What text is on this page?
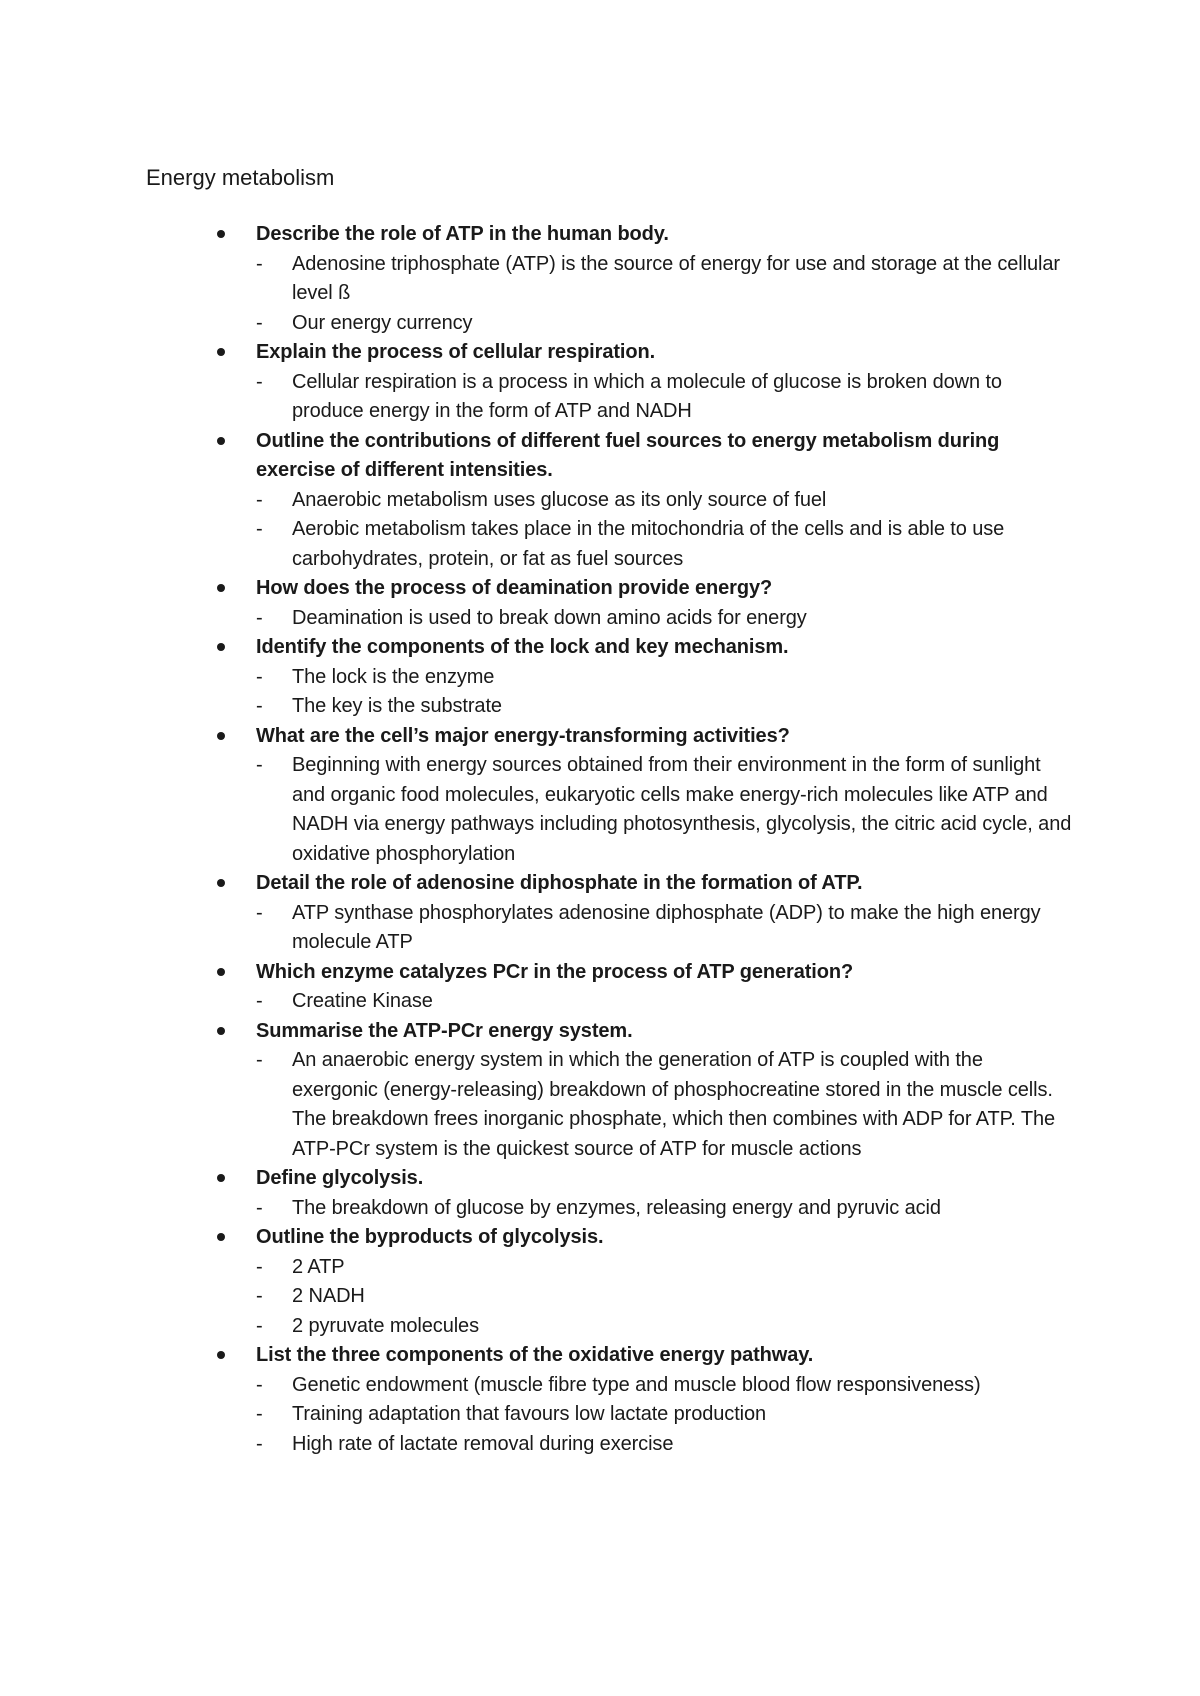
Energy metabolism
Describe the role of ATP in the human body.
- Adenosine triphosphate (ATP) is the source of energy for use and storage at the cellular level ß
- Our energy currency
Explain the process of cellular respiration.
- Cellular respiration is a process in which a molecule of glucose is broken down to produce energy in the form of ATP and NADH
Outline the contributions of different fuel sources to energy metabolism during exercise of different intensities.
- Anaerobic metabolism uses glucose as its only source of fuel
- Aerobic metabolism takes place in the mitochondria of the cells and is able to use carbohydrates, protein, or fat as fuel sources
How does the process of deamination provide energy?
- Deamination is used to break down amino acids for energy
Identify the components of the lock and key mechanism.
- The lock is the enzyme
- The key is the substrate
What are the cell’s major energy-transforming activities?
- Beginning with energy sources obtained from their environment in the form of sunlight and organic food molecules, eukaryotic cells make energy-rich molecules like ATP and NADH via energy pathways including photosynthesis, glycolysis, the citric acid cycle, and oxidative phosphorylation
Detail the role of adenosine diphosphate in the formation of ATP.
- ATP synthase phosphorylates adenosine diphosphate (ADP) to make the high energy molecule ATP
Which enzyme catalyzes PCr in the process of ATP generation?
- Creatine Kinase
Summarise the ATP-PCr energy system.
- An anaerobic energy system in which the generation of ATP is coupled with the exergonic (energy-releasing) breakdown of phosphocreatine stored in the muscle cells. The breakdown frees inorganic phosphate, which then combines with ADP for ATP. The ATP-PCr system is the quickest source of ATP for muscle actions
Define glycolysis.
- The breakdown of glucose by enzymes, releasing energy and pyruvic acid
Outline the byproducts of glycolysis.
- 2 ATP
- 2 NADH
- 2 pyruvate molecules
List the three components of the oxidative energy pathway.
- Genetic endowment (muscle fibre type and muscle blood flow responsiveness)
- Training adaptation that favours low lactate production
- High rate of lactate removal during exercise
